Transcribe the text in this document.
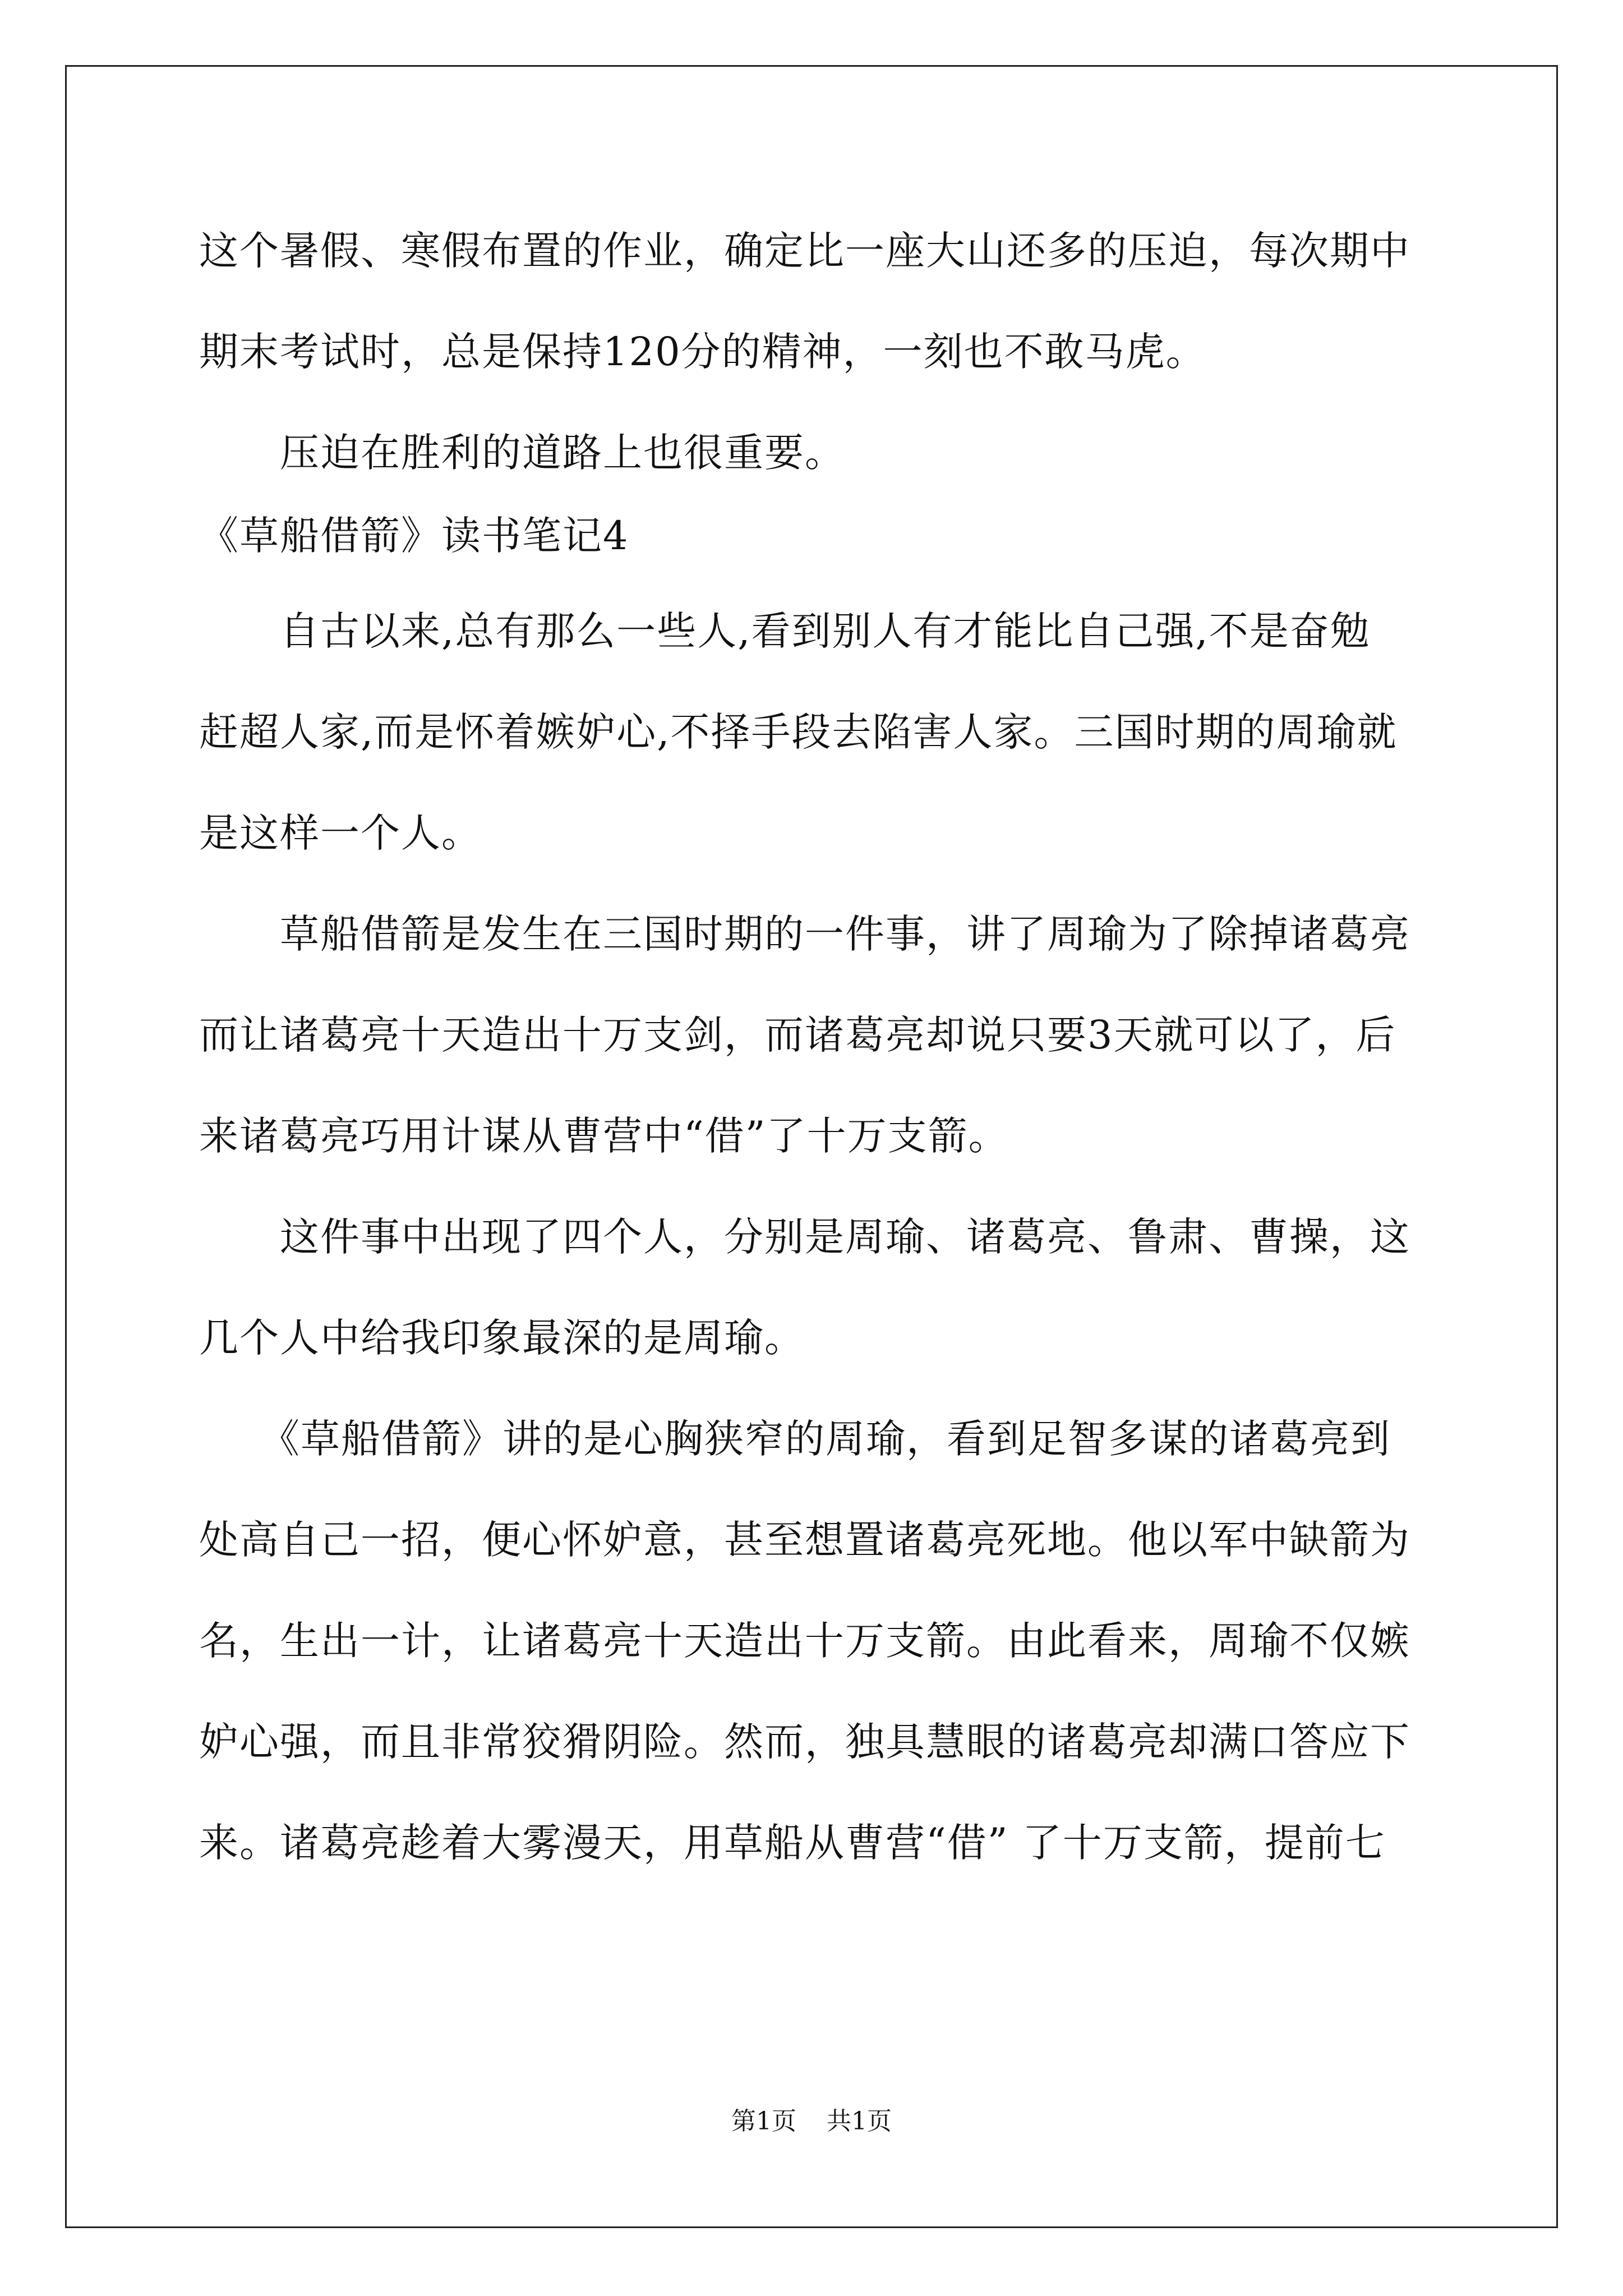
这个暑假、寒假布置的作业，确定比一座大山还多的压迫，每次期中
期末考试时，总是保持120分的精神，一刻也不敢马虎。
　　压迫在胜利的道路上也很重要。
《草船借箭》读书笔记4
　　自古以来,总有那么一些人,看到别人有才能比自己强,不是奋勉
赶超人家,而是怀着嫉妒心,不择手段去陷害人家。三国时期的周瑜就
是这样一个人。
　　草船借箭是发生在三国时期的一件事，讲了周瑜为了除掉诸葛亮
而让诸葛亮十天造出十万支剑，而诸葛亮却说只要3天就可以了，后
来诸葛亮巧用计谋从曹营中“借”了十万支箭。
　　这件事中出现了四个人，分别是周瑜、诸葛亮、鲁肃、曹操，这
几个人中给我印象最深的是周瑜。
　　《草船借箭》讲的是心胸狭窄的周瑜，看到足智多谋的诸葛亮到
处高自己一招，便心怀妒意，甚至想置诸葛亮死地。他以军中缺箭为
名，生出一计，让诸葛亮十天造出十万支箭。由此看来，周瑜不仅嫉
妒心强，而且非常狡猾阴险。然而，独具慧眼的诸葛亮却满口答应下
来。诸葛亮趁着大雾漫天，用草船从曹营“借” 了十万支箭，提前七
第1页 共1页
